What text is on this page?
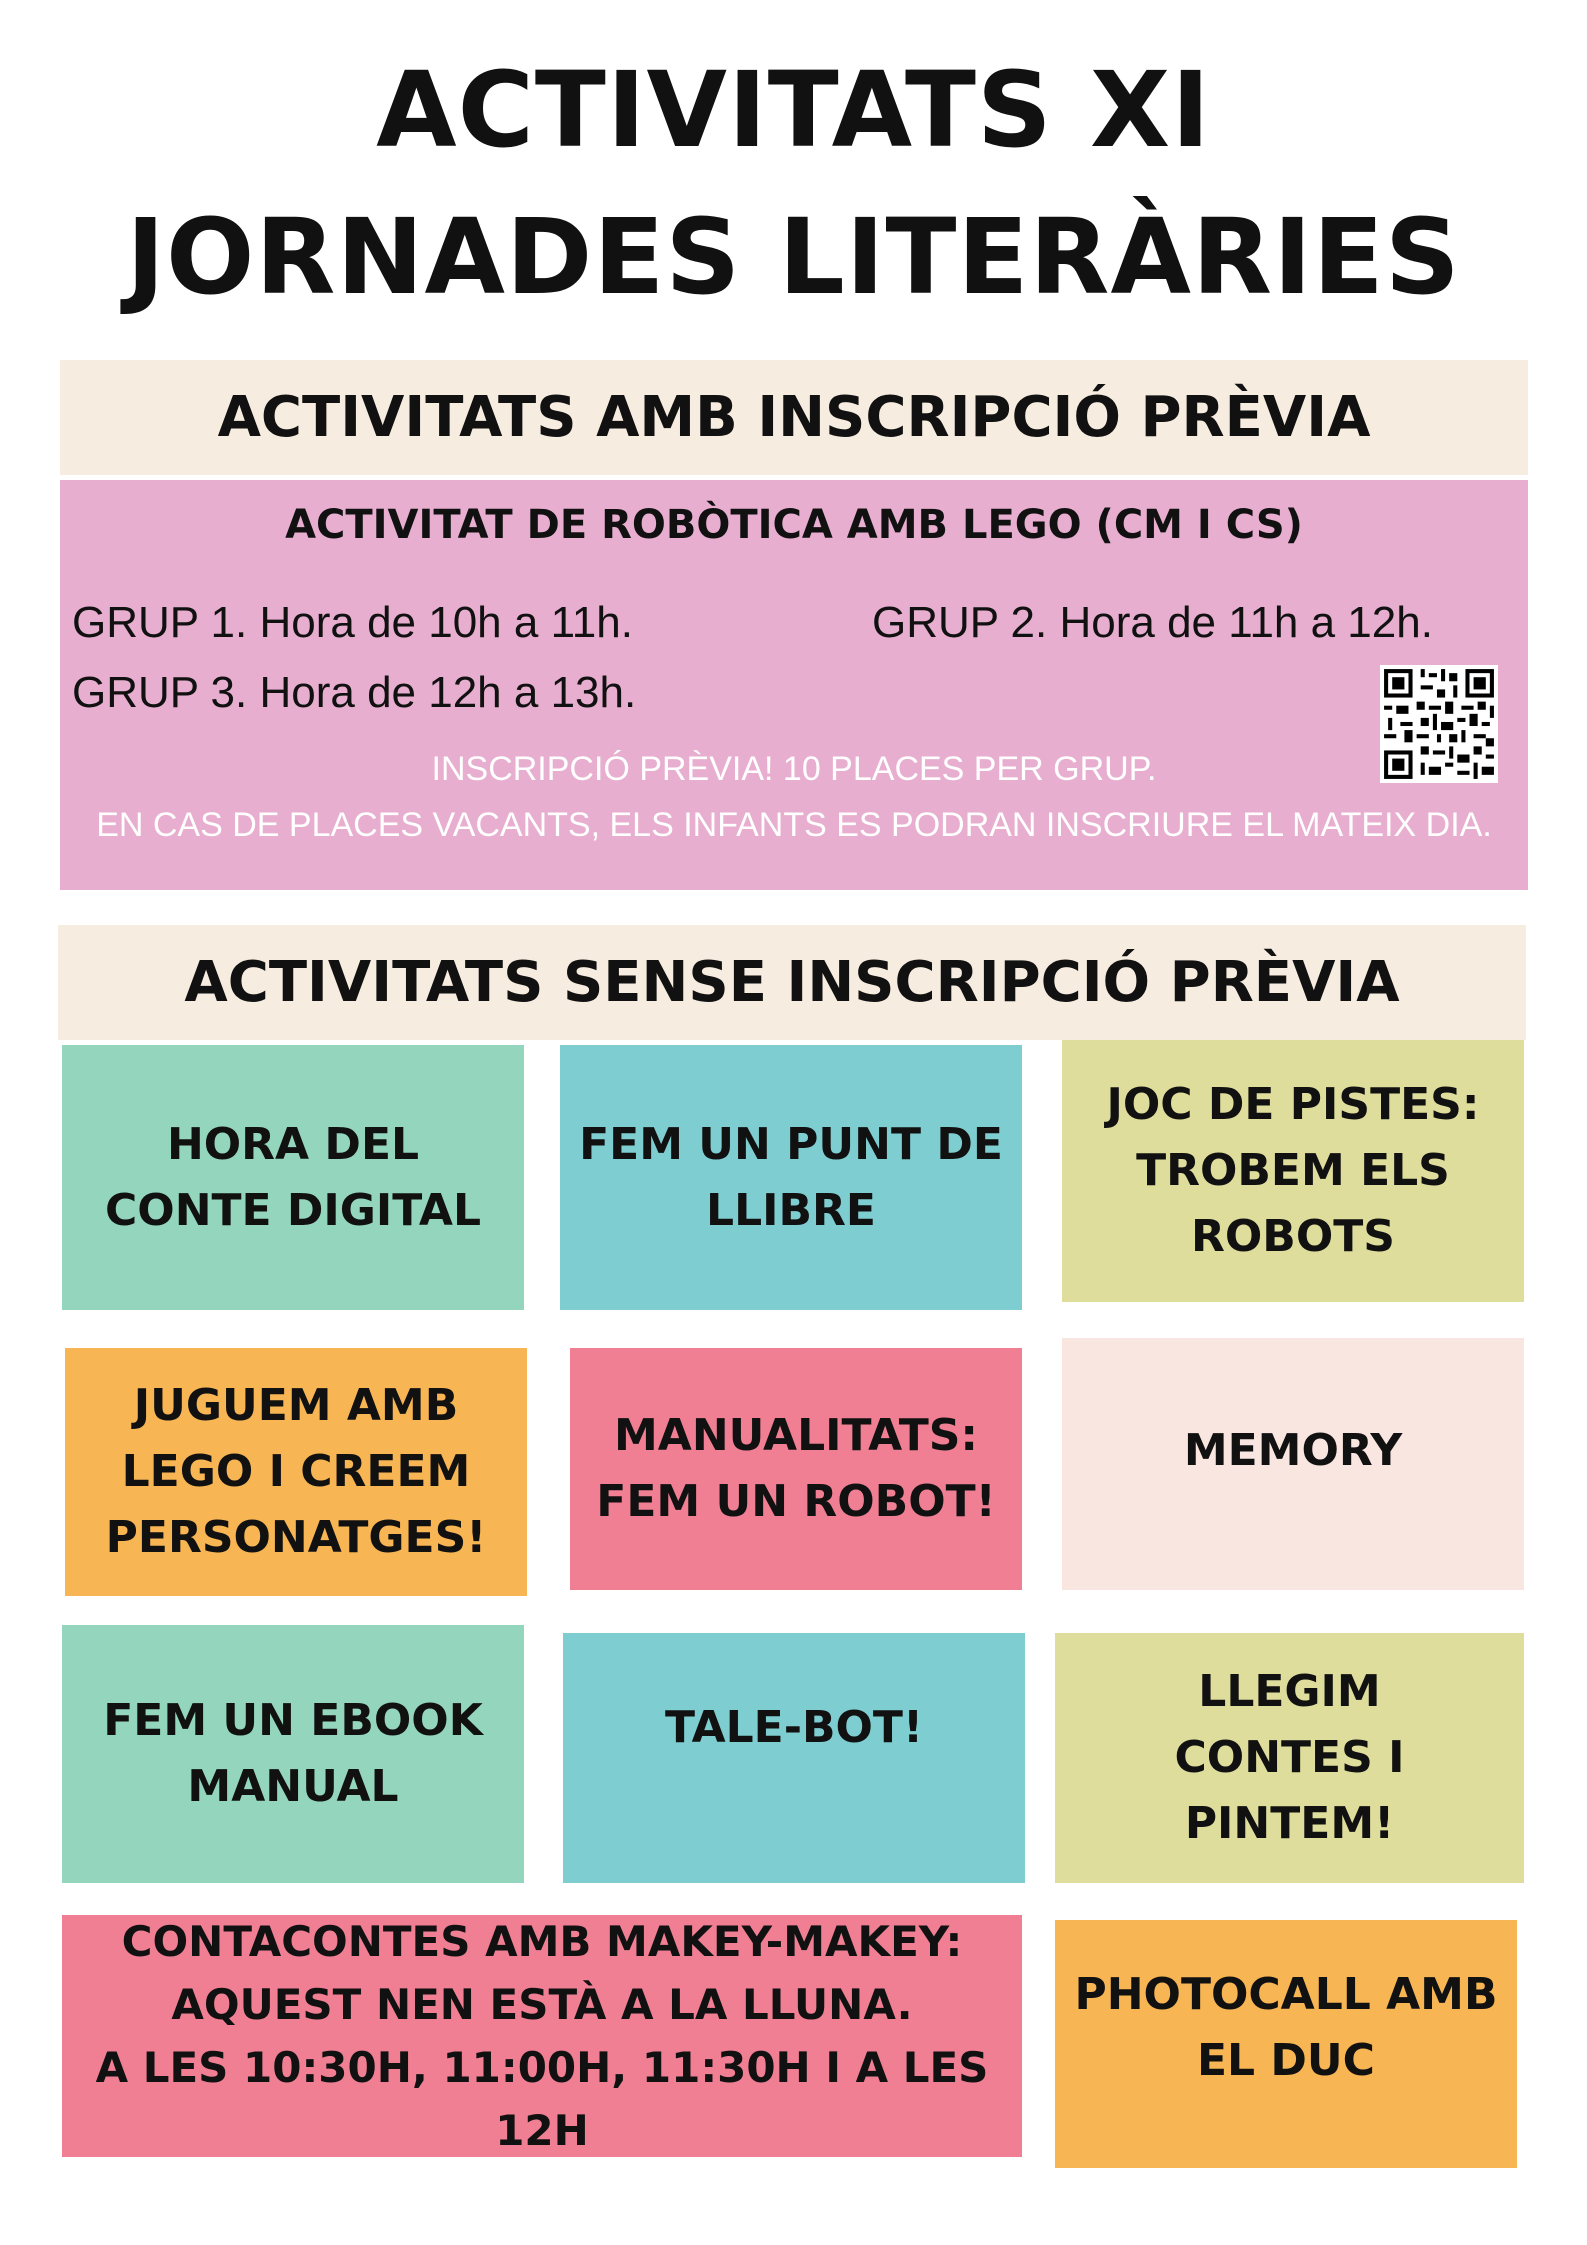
ACTIVITATS XI
JORNADES LITERÀRIES
ACTIVITATS AMB INSCRIPCIÓ PRÈVIA
ACTIVITAT DE ROBÒTICA AMB LEGO (CM I CS)
GRUP 1. Hora de 10h a 11h.	GRUP 2. Hora de 11h a 12h.
GRUP 3. Hora de 12h a 13h.
INSCRIPCIÓ PRÈVIA! 10 PLACES PER GRUP.
EN CAS DE PLACES VACANTS, ELS INFANTS ES PODRAN INSCRIURE EL MATEIX DIA.
ACTIVITATS SENSE INSCRIPCIÓ PRÈVIA
HORA DEL
CONTE DIGITAL
FEM UN PUNT DE
LLIBRE
JOC DE PISTES:
TROBEM ELS
ROBOTS
JUGUEM AMB
LEGO I CREEM
PERSONATGES!
MANUALITATS:
FEM UN ROBOT!
MEMORY
FEM UN EBOOK
MANUAL
TALE-BOT!
LLEGIM
CONTES I
PINTEM!
CONTACONTES AMB MAKEY-MAKEY:
AQUEST NEN ESTÀ A LA LLUNA.
A LES 10:30H, 11:00H, 11:30H I A LES 12H
PHOTOCALL AMB
EL DUC
